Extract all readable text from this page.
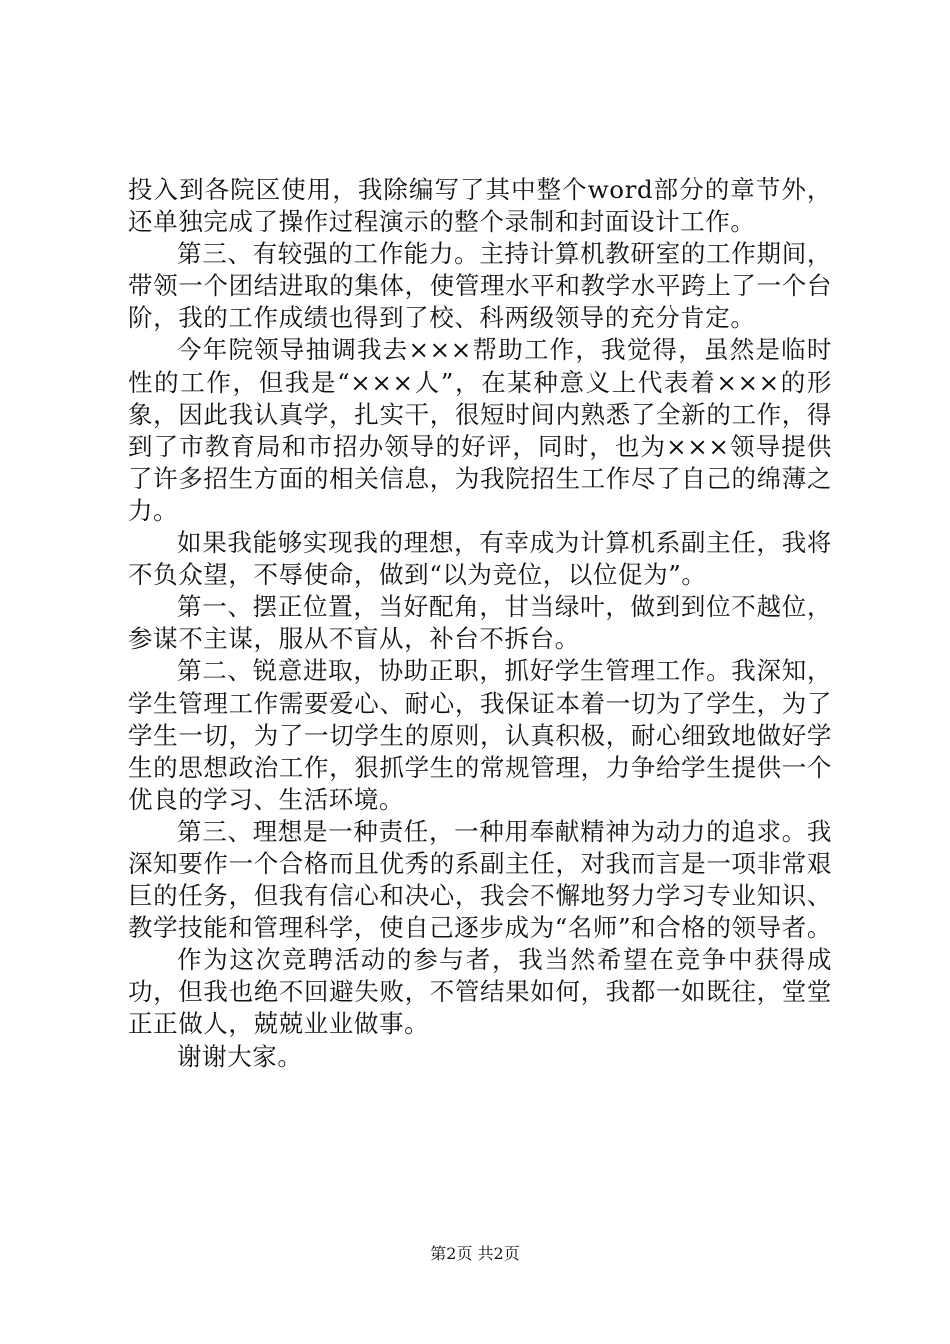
投入到各院区使用，我除编写了其中整个word部分的章节外，还单独完成了操作过程演示的整个录制和封面设计工作。

第三、有较强的工作能力。主持计算机教研室的工作期间，带领一个团结进取的集体，使管理水平和教学水平跨上了一个台阶，我的工作成绩也得到了校、科两级领导的充分肯定。

今年院领导抽调我去×××帮助工作，我觉得，虽然是临时性的工作，但我是“×××人”，在某种意义上代表着×××的形象，因此我认真学，扎实干，很短时间内熟悉了全新的工作，得到了市教育局和市招办领导的好评，同时，也为×××领导提供了许多招生方面的相关信息，为我院招生工作尽了自己的绵薄之力。

如果我能够实现我的理想，有幸成为计算机系副主任，我将不负众望，不辱使命，做到“以为竞位，以位促为”。

第一、摆正位置，当好配角，甘当绿叶，做到到位不越位，参谋不主谋，服从不盲从，补台不拆台。

第二、锐意进取，协助正职，抓好学生管理工作。我深知，学生管理工作需要爱心、耐心，我保证本着一切为了学生，为了学生一切，为了一切学生的原则，认真积极，耐心细致地做好学生的思想政治工作，狠抓学生的常规管理，力争给学生提供一个优良的学习、生活环境。

第三、理想是一种责任，一种用奉献精神为动力的追求。我深知要作一个合格而且优秀的系副主任，对我而言是一项非常艰巨的任务，但我有信心和决心，我会不懈地努力学习专业知识、教学技能和管理科学，使自己逐步成为“名师”和合格的领导者。

作为这次竞聘活动的参与者，我当然希望在竞争中获得成功，但我也绝不回避失败，不管结果如何，我都一如既往，堂堂正正做人，兢兢业业做事。

谢谢大家。

第2页 共2页
